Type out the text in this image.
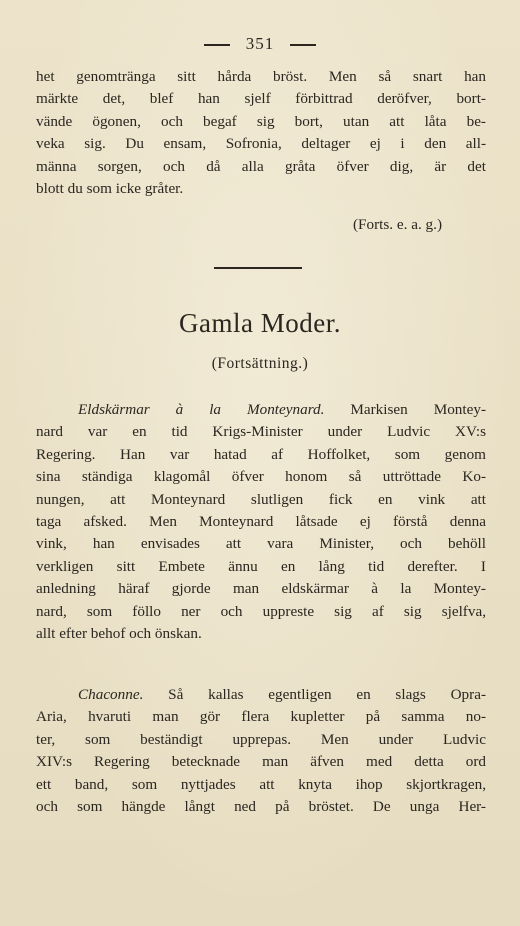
351
het genomtränga sitt hårda bröst. Men så snart han
märkte det, blef han sjelf förbittrad deröfver, bort-
vände ögonen, och begaf sig bort, utan att låta be-
veka sig. Du ensam, Sofronia, deltager ej i den all-
männa sorgen, och då alla gråta öfver dig, är det
blott du som icke gråter.
(Forts. e. a. g.)
Gamla Moder.
(Fortsättning.)
Eldskärmar à la Monteynard. Markisen Montey-
nard var en tid Krigs-Minister under Ludvic XV:s
Regering. Han var hatad af Hoffolket, som genom
sina ständiga klagomål öfver honom så uttröttade Ko-
nungen, att Monteynard slutligen fick en vink att
taga afsked. Men Monteynard låtsade ej förstå denna
vink, han envisades att vara Minister, och behöll
verkligen sitt Embete ännu en lång tid derefter. I
anledning häraf gjorde man eldskärmar à la Montey-
nard, som föllo ner och uppreste sig af sig sjelfva,
allt efter behof och önskan.
Chaconne. Så kallas egentligen en slags Opra-
Aria, hvaruti man gör flera kupletter på samma no-
ter, som beständigt upprepas. Men under Ludvic
XIV:s Regering betecknade man äfven med detta ord
ett band, som nyttjades att knyta ihop skjortkragen,
och som hängde långt ned på bröstet. De unga Her-
